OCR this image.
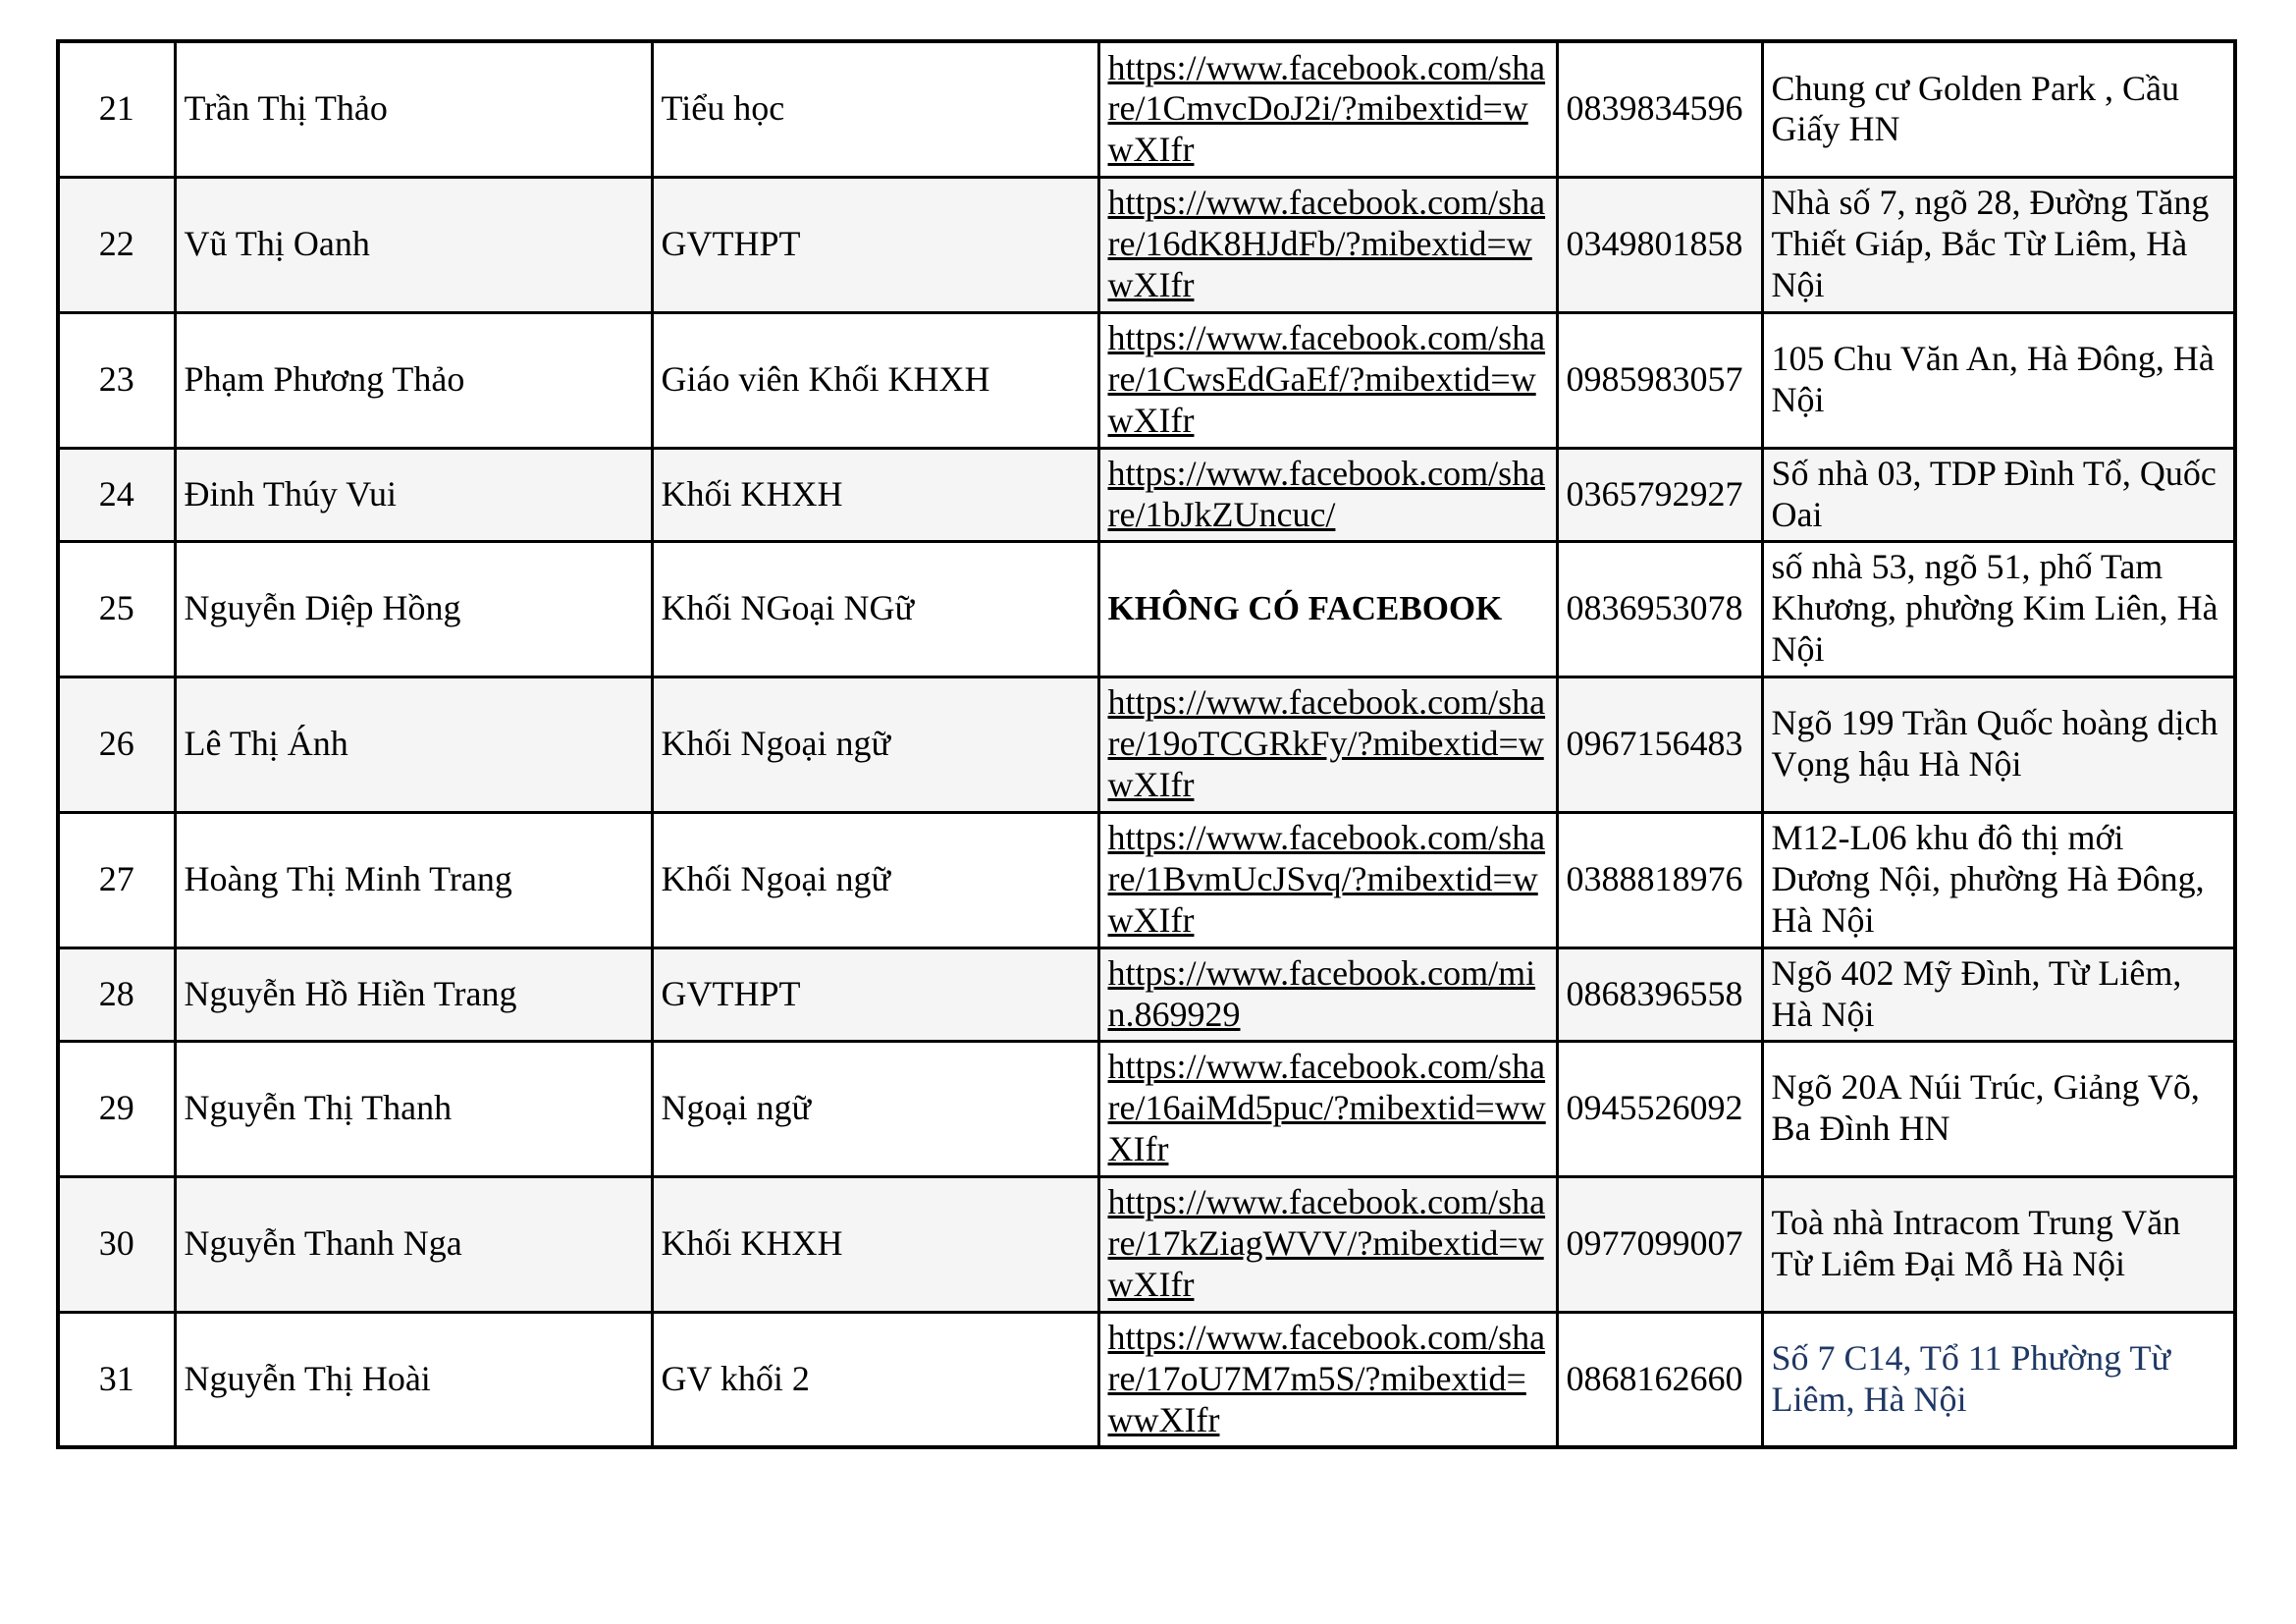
21	Trần Thị Thảo	Tiểu học	https://www.facebook.com/share/1CmvcDoJ2i/?mibextid=wwXIfr	0839834596	Chung cư Golden Park , Cầu Giấy HN
22	Vũ Thị Oanh	GVTHPT	https://www.facebook.com/share/16dK8HJdFb/?mibextid=wwXIfr	0349801858	Nhà số 7, ngõ 28, Đường Tăng Thiết Giáp, Bắc Từ Liêm, Hà Nội
23	Phạm Phương Thảo	Giáo viên Khối KHXH	https://www.facebook.com/share/1CwsEdGaEf/?mibextid=wwXIfr	0985983057	105 Chu Văn An, Hà Đông, Hà Nội
24	Đinh Thúy Vui	Khối KHXH	https://www.facebook.com/share/1bJkZUncuc/	0365792927	Số nhà 03, TDP Đình Tổ, Quốc Oai
25	Nguyễn Diệp Hồng	Khối NGoại NGữ	KHÔNG CÓ FACEBOOK	0836953078	số nhà 53, ngõ 51, phố Tam Khương, phường Kim Liên, Hà Nội
26	Lê Thị Ánh	Khối Ngoại ngữ	https://www.facebook.com/share/19oTCGRkFy/?mibextid=wwXIfr	0967156483	Ngõ 199 Trần Quốc hoàng dịch Vọng hậu Hà Nội
27	Hoàng Thị Minh Trang	Khối Ngoại ngữ	https://www.facebook.com/share/1BvmUcJSvq/?mibextid=wwXIfr	0388818976	M12-L06 khu đô thị mới Dương Nội, phường Hà Đông, Hà Nội
28	Nguyễn Hồ Hiền Trang	GVTHPT	https://www.facebook.com/min.869929	0868396558	Ngõ 402 Mỹ Đình, Từ Liêm, Hà Nội
29	Nguyễn Thị Thanh	Ngoại ngữ	https://www.facebook.com/share/16aiMd5puc/?mibextid=wwXIfr	0945526092	Ngõ 20A Núi Trúc, Giảng Võ, Ba Đình HN
30	Nguyễn Thanh Nga	Khối KHXH	https://www.facebook.com/share/17kZiagWVV/?mibextid=wwXIfr	0977099007	Toà nhà Intracom Trung Văn Từ Liêm Đại Mỗ Hà Nội
31	Nguyễn Thị Hoài	GV khối 2	https://www.facebook.com/share/17oU7M7m5S/?mibextid=wwXIfr	0868162660	Số 7 C14, Tổ 11 Phường Từ Liêm, Hà Nội
